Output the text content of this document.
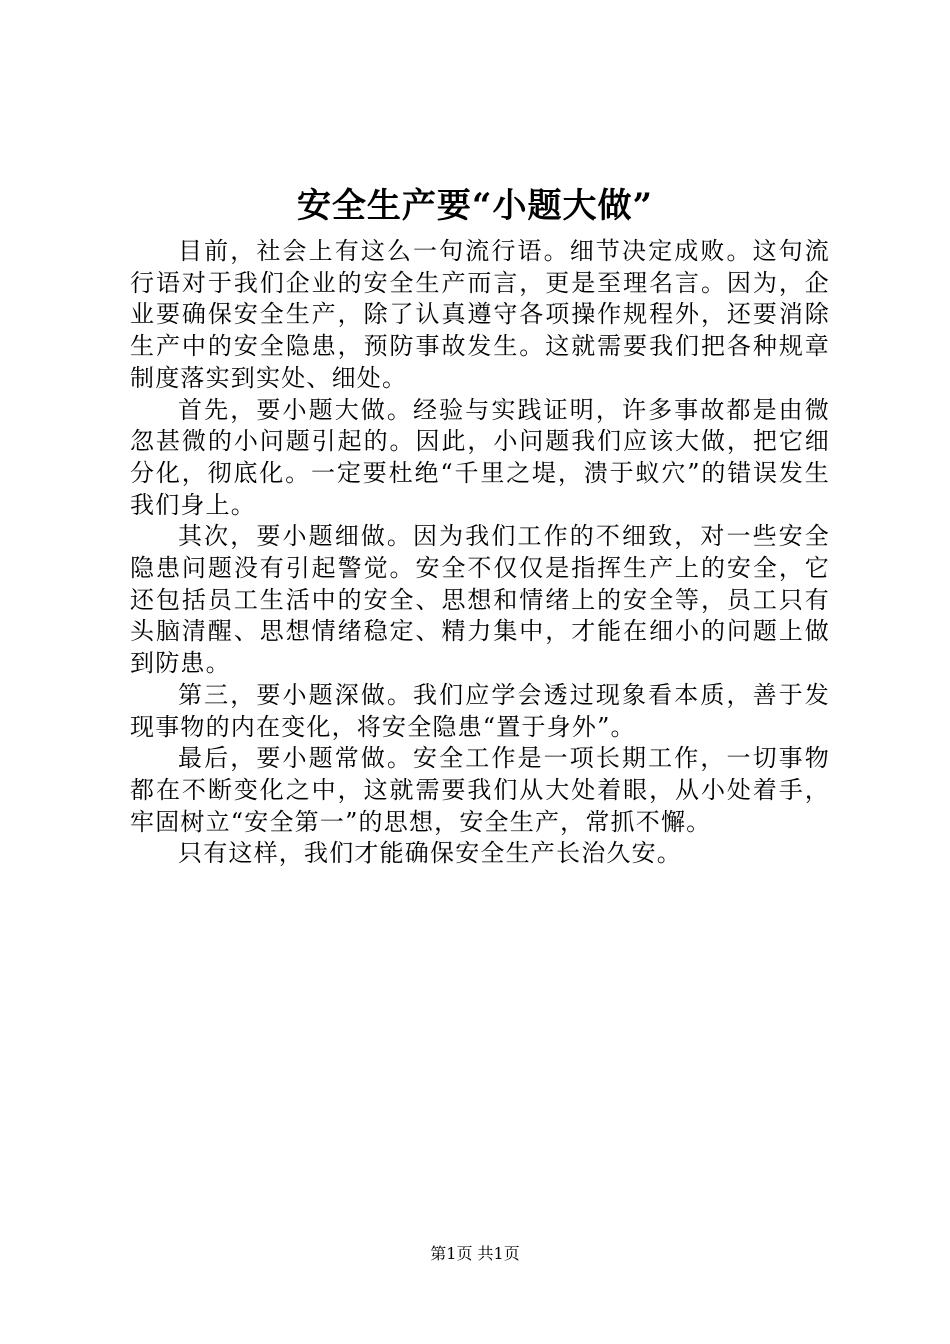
安全生产要“小题大做”

目前，社会上有这么一句流行语。细节决定成败。这句流行语对于我们企业的安全生产而言，更是至理名言。因为，企业要确保安全生产，除了认真遵守各项操作规程外，还要消除生产中的安全隐患，预防事故发生。这就需要我们把各种规章制度落实到实处、细处。

首先，要小题大做。经验与实践证明，许多事故都是由微忽甚微的小问题引起的。因此，小问题我们应该大做，把它细分化，彻底化。一定要杜绝“千里之堤，溃于蚁穴”的错误发生我们身上。

其次，要小题细做。因为我们工作的不细致，对一些安全隐患问题没有引起警觉。安全不仅仅是指挥生产上的安全，它还包括员工生活中的安全、思想和情绪上的安全等，员工只有头脑清醒、思想情绪稳定、精力集中，才能在细小的问题上做到防患。

第三，要小题深做。我们应学会透过现象看本质，善于发现事物的内在变化，将安全隐患“置于身外”。

最后，要小题常做。安全工作是一项长期工作，一切事物都在不断变化之中，这就需要我们从大处着眼，从小处着手，牢固树立“安全第一”的思想，安全生产，常抓不懈。

只有这样，我们才能确保安全生产长治久安。

第1页 共1页
